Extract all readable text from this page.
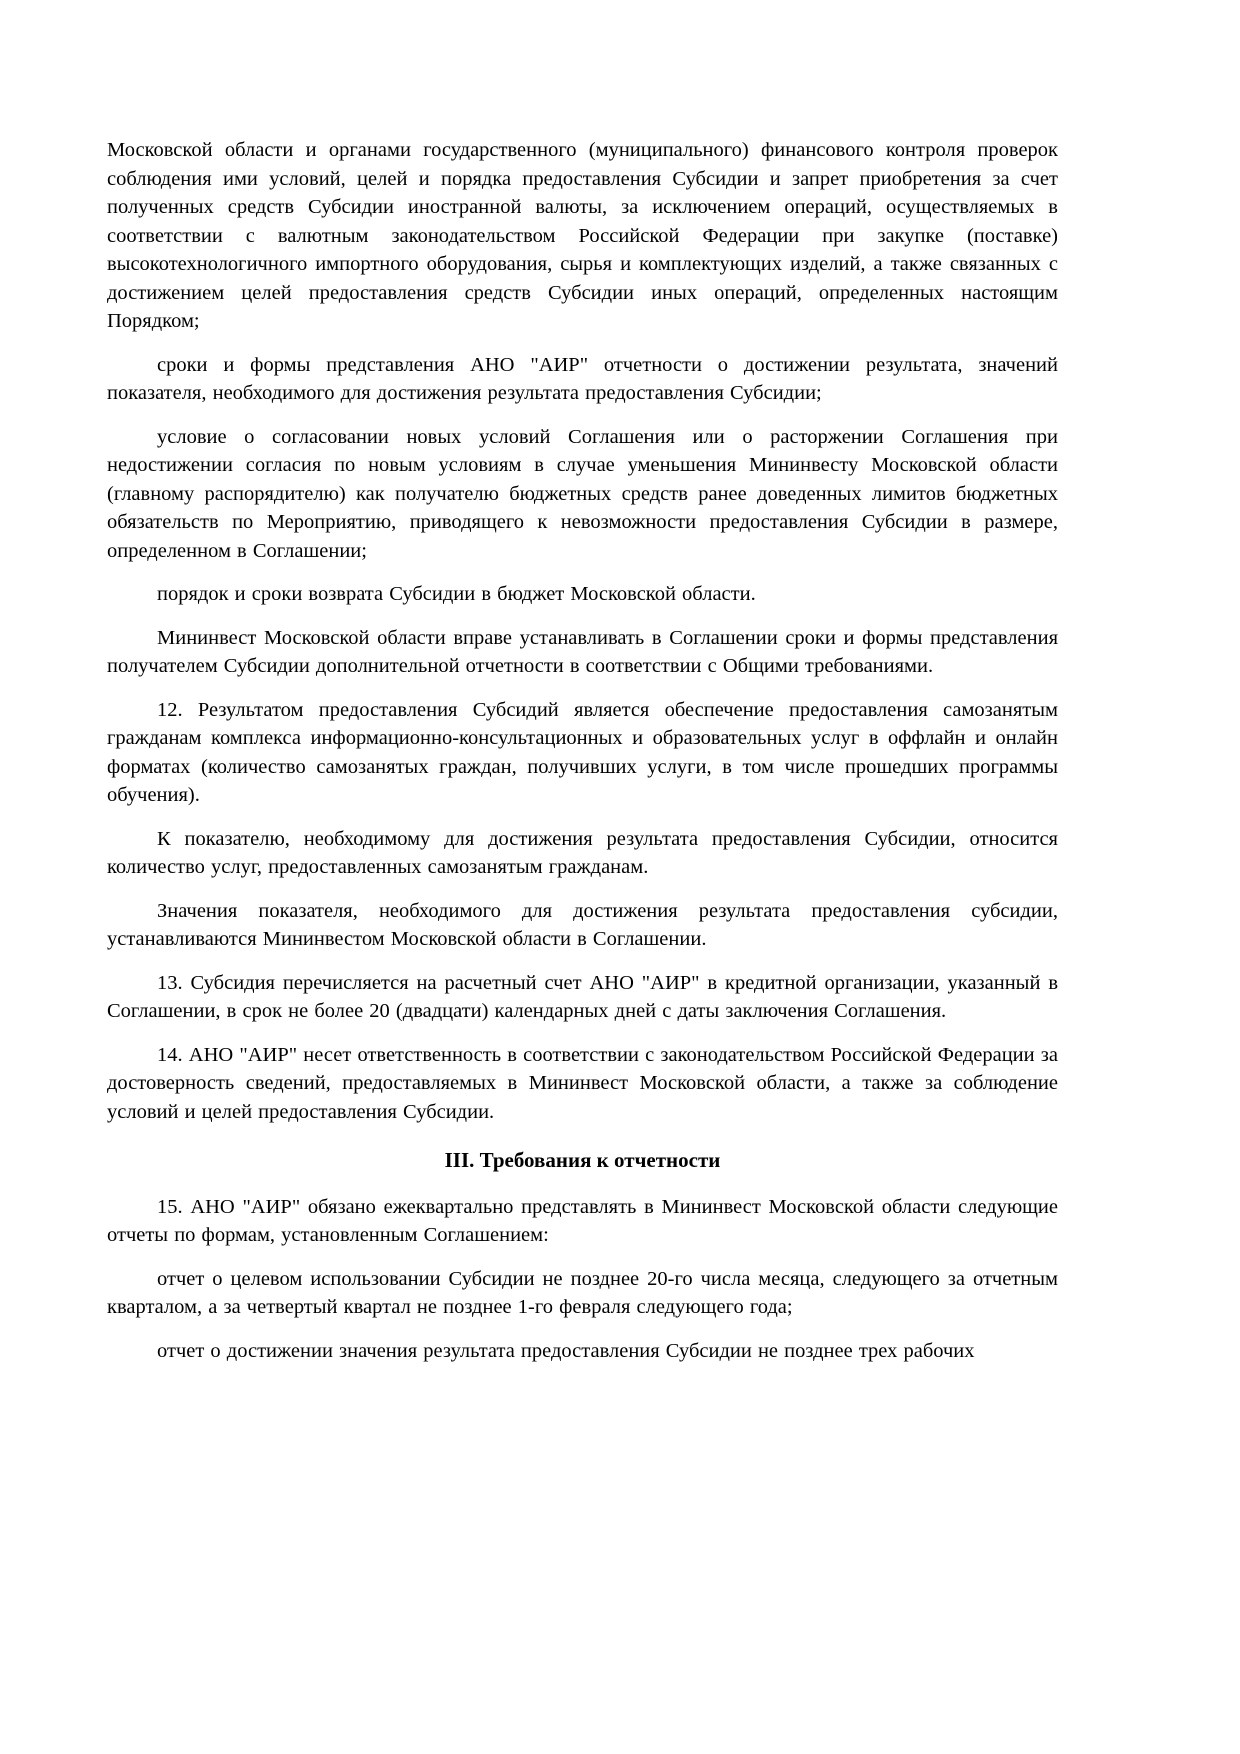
Московской области и органами государственного (муниципального) финансового контроля проверок соблюдения ими условий, целей и порядка предоставления Субсидии и запрет приобретения за счет полученных средств Субсидии иностранной валюты, за исключением операций, осуществляемых в соответствии с валютным законодательством Российской Федерации при закупке (поставке) высокотехнологичного импортного оборудования, сырья и комплектующих изделий, а также связанных с достижением целей предоставления средств Субсидии иных операций, определенных настоящим Порядком;

сроки и формы представления АНО "АИР" отчетности о достижении результата, значений показателя, необходимого для достижения результата предоставления Субсидии;

условие о согласовании новых условий Соглашения или о расторжении Соглашения при недостижении согласия по новым условиям в случае уменьшения Мининвесту Московской области (главному распорядителю) как получателю бюджетных средств ранее доведенных лимитов бюджетных обязательств по Мероприятию, приводящего к невозможности предоставления Субсидии в размере, определенном в Соглашении;

порядок и сроки возврата Субсидии в бюджет Московской области.

Мининвест Московской области вправе устанавливать в Соглашении сроки и формы представления получателем Субсидии дополнительной отчетности в соответствии с Общими требованиями.

12. Результатом предоставления Субсидий является обеспечение предоставления самозанятым гражданам комплекса информационно-консультационных и образовательных услуг в оффлайн и онлайн форматах (количество самозанятых граждан, получивших услуги, в том числе прошедших программы обучения).

К показателю, необходимому для достижения результата предоставления Субсидии, относится количество услуг, предоставленных самозанятым гражданам.

Значения показателя, необходимого для достижения результата предоставления субсидии, устанавливаются Мининвестом Московской области в Соглашении.

13. Субсидия перечисляется на расчетный счет АНО "АИР" в кредитной организации, указанный в Соглашении, в срок не более 20 (двадцати) календарных дней с даты заключения Соглашения.

14. АНО "АИР" несет ответственность в соответствии с законодательством Российской Федерации за достоверность сведений, предоставляемых в Мининвест Московской области, а также за соблюдение условий и целей предоставления Субсидии.

III. Требования к отчетности

15. АНО "АИР" обязано ежеквартально представлять в Мининвест Московской области следующие отчеты по формам, установленным Соглашением:

отчет о целевом использовании Субсидии не позднее 20-го числа месяца, следующего за отчетным кварталом, а за четвертый квартал не позднее 1-го февраля следующего года;

отчет о достижении значения результата предоставления Субсидии не позднее трех рабочих
